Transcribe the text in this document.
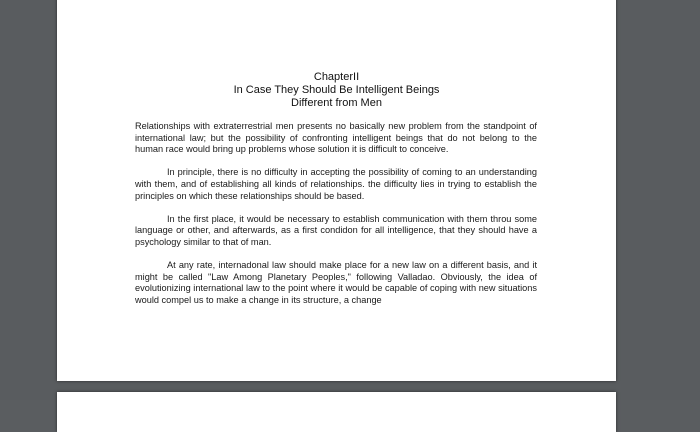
ChapterII
In Case They Should Be Intelligent Beings
Different from Men

Relationships with extraterrestrial men presents no basically new problem from the standpoint of international law; but the possibility of confronting intelligent beings that do not belong to the human race would bring up problems whose solution it is difficult to conceive.

In principle, there is no difficulty in accepting the possibility of coming to an understanding with them, and of establishing all kinds of relationships. the difficulty lies in trying to establish the principles on which these relationships should be based.

In the first place, it would be necessary to establish communication with them throu some language or other, and afterwards, as a first condidon for all intelligence, that they should have a psychology similar to that of man.

At any rate, internadonal law should make place for a new law on a different basis, and it might be called "Law Among Planetary Peoples," following Valladao. Obviously, the idea of evolutionizing international law to the point where it would be capable of coping with new situations would compel us to make a change in its structure, a change
